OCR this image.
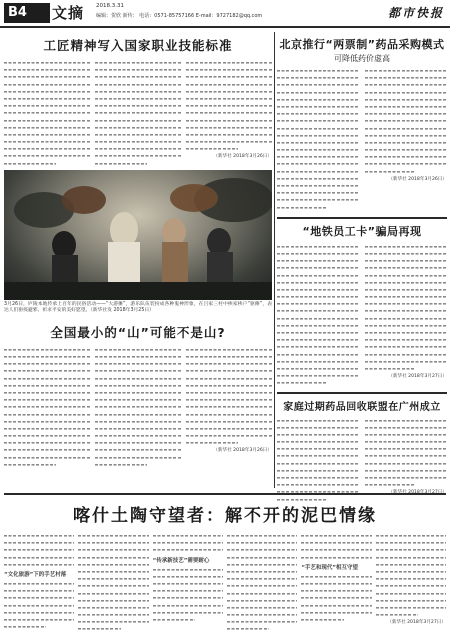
B4	文摘 2018.3.31
编辑：贺欣 新传： 电话：0571-85757166 E-mail：9727182@qq.com	都市快报
工匠精神写入国家职业技能标准
（新华社 2018年3月26日）
3月26日，庐陵本地传承上百年的民俗活动——“大游傩”，游乐队伍装扮成各种鬼神形象，在吕家三村中挨家挨户“驱傩”，表达人们驱疫避邪、祈求平安的美好愿望。（新华社发 2018年3月25日）
全国最小的“山”可能不是山?
（新华社 2018年3月26日）
北京推行“两票制”药品采购模式
可降低药价虚高
（新华社 2018年3月26日）
“地铁员工卡”骗局再现
（新华社 2018年3月27日）
家庭过期药品回收联盟在广州成立
（新华社 2018年3月27日）
喀什土陶守望者：解不开的泥巴情缘
“文化旅游”下的手艺村落
“传承新技艺”需要耐心
“手艺和现代”相互守望
（新华社 2018年3月27日）
